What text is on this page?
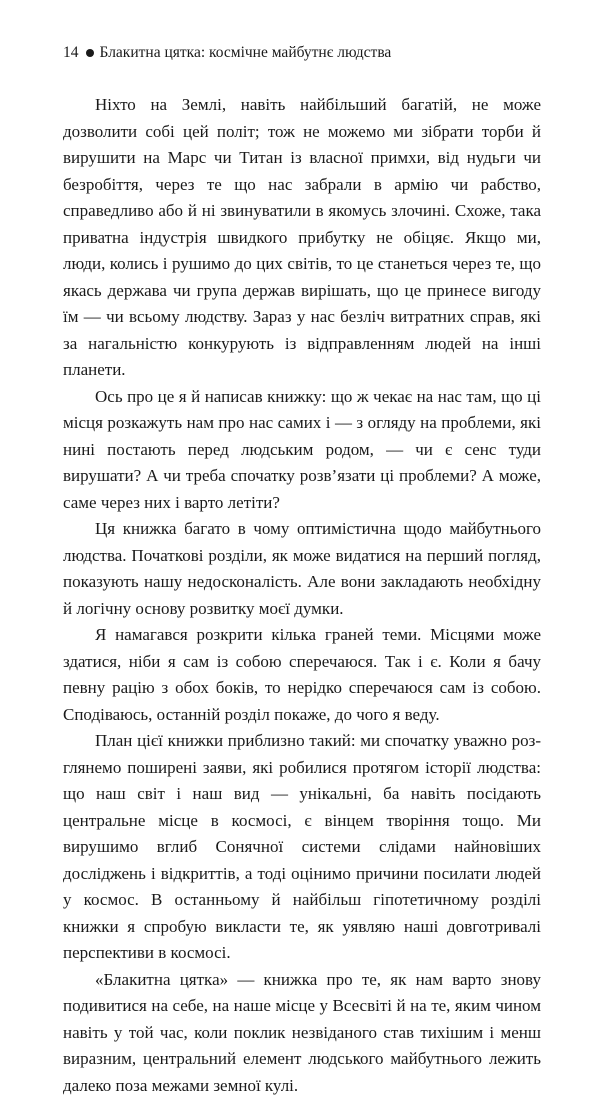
14 Блакитна цятка: космічне майбутнє людства

Ніхто на Землі, навіть найбільший багатій, не може дозволити собі цей політ; тож не можемо ми зібрати торби й вирушити на Марс чи Титан із власної примхи, від нудьги чи безробіття, через те що нас забрали в армію чи рабство, справедливо або й ні звинуватили в якомусь злочині. Схоже, така приватна індустрія швидкого прибутку не обіцяє. Якщо ми, люди, колись і рушимо до цих світів, то це станеться через те, що якась держава чи група держав вирішать, що це принесе вигоду їм — чи всьому людству. Зараз у нас безліч витратних справ, які за нагальністю конкурують із відправленням людей на інші планети.

Ось про це я й написав книжку: що ж чекає на нас там, що ці місця розкажуть нам про нас самих і — з огляду на проблеми, які нині постають перед людським родом, — чи є сенс туди вирушати? А чи треба спочатку розв’язати ці проблеми? А може, саме через них і варто летіти?

Ця книжка багато в чому оптимістична щодо майбутнього людства. Початкові розділи, як може видатися на перший погляд, показують нашу недосконалість. Але вони закладають необхідну й логічну основу розвитку моєї думки.

Я намагався розкрити кілька граней теми. Місцями може здатися, ніби я сам із собою сперечаюся. Так і є. Коли я бачу певну рацію з обох боків, то нерідко сперечаюся сам із собою. Сподіваюсь, останній розділ покаже, до чого я веду.

План цієї книжки приблизно такий: ми спочатку уважно розглянемо поширені заяви, які робилися протягом історії людства: що наш світ і наш вид — унікальні, ба навіть посідають центральне місце в космосі, є вінцем творіння тощо. Ми вирушимо вглиб Сонячної системи слідами найновіших досліджень і відкриттів, а тоді оцінимо причини посилати людей у космос. В останньому й найбільш гіпотетичному розділі книжки я спробую викласти те, як уявляю наші довготривалі перспективи в космосі.

«Блакитна цятка» — книжка про те, як нам варто знову подивитися на себе, на наше місце у Всесвіті й на те, яким чином навіть у той час, коли поклик незвіданого став тихішим і менш виразним, центральний елемент людського майбутнього лежить далеко поза межами земної кулі.
